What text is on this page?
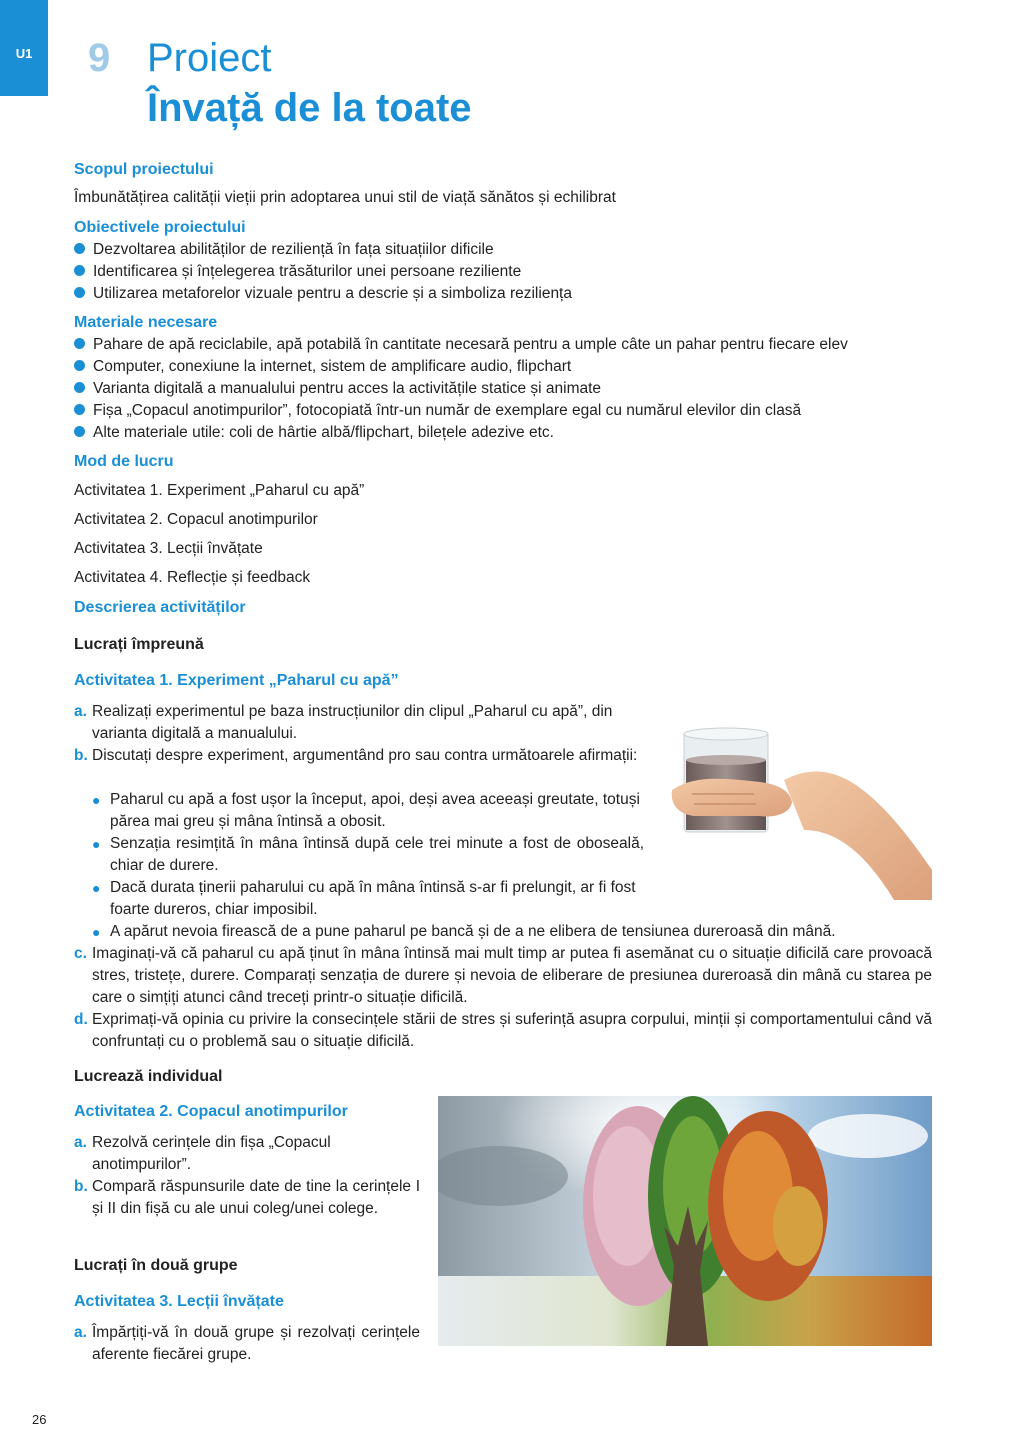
U1 9 Proiect
Învață de la toate
Scopul proiectului
Îmbunătățirea calității vieții prin adoptarea unui stil de viață sănătos și echilibrat
Obiectivele proiectului
Dezvoltarea abilităților de reziliență în fața situațiilor dificile
Identificarea și înțelegerea trăsăturilor unei persoane reziliente
Utilizarea metaforelor vizuale pentru a descrie și a simboliza reziliența
Materiale necesare
Pahare de apă reciclabile, apă potabilă în cantitate necesară pentru a umple câte un pahar pentru fiecare elev
Computer, conexiune la internet, sistem de amplificare audio, flipchart
Varianta digitală a manualului pentru acces la activitățile statice și animate
Fișa „Copacul anotimpurilor”, fotocopiată într-un număr de exemplare egal cu numărul elevilor din clasă
Alte materiale utile: coli de hârtie albă/flipchart, bilețele adezive etc.
Mod de lucru
Activitatea 1. Experiment „Paharul cu apă”
Activitatea 2. Copacul anotimpurilor
Activitatea 3. Lecții învățate
Activitatea 4. Reflecție și feedback
Descrierea activităților
Lucrați împreună
Activitatea 1. Experiment „Paharul cu apă”
a. Realizați experimentul pe baza instrucțiunilor din clipul „Paharul cu apă”, din varianta digitală a manualului.
b. Discutați despre experiment, argumentând pro sau contra următoarele afirmații:
● Paharul cu apă a fost ușor la început, apoi, deși avea aceeași greutate, totuși părea mai greu și mâna întinsă a obosit.
● Senzația resimțită în mâna întinsă după cele trei minute a fost de oboseală, chiar de durere.
● Dacă durata ținerii paharului cu apă în mâna întinsă s-ar fi prelungit, ar fi fost foarte dureros, chiar imposibil.
● A apărut nevoia firească de a pune paharul pe bancă și de a ne elibera de tensiunea dureroasă din mână.
c. Imaginați-vă că paharul cu apă ținut în mâna întinsă mai mult timp ar putea fi asemănat cu o situație dificilă care provoacă stres, tristețe, durere. Comparați senzația de durere și nevoia de eliberare de presiunea dureroasă din mână cu starea pe care o simțiți atunci când treceți printr-o situație dificilă.
d. Exprimați-vă opinia cu privire la consecințele stării de stres și suferință asupra corpului, minții și comportamentului când vă confruntați cu o problemă sau o situație dificilă.
Lucrează individual
Activitatea 2. Copacul anotimpurilor
a. Rezolvă cerințele din fișa „Copacul anotimpurilor”.
b. Compară răspunsurile date de tine la cerințele I și II din fișă cu ale unui coleg/unei colege.
Lucrați în două grupe
Activitatea 3. Lecții învățate
a. Împărțiți-vă în două grupe și rezolvați cerințele aferente fiecărei grupe.
26
